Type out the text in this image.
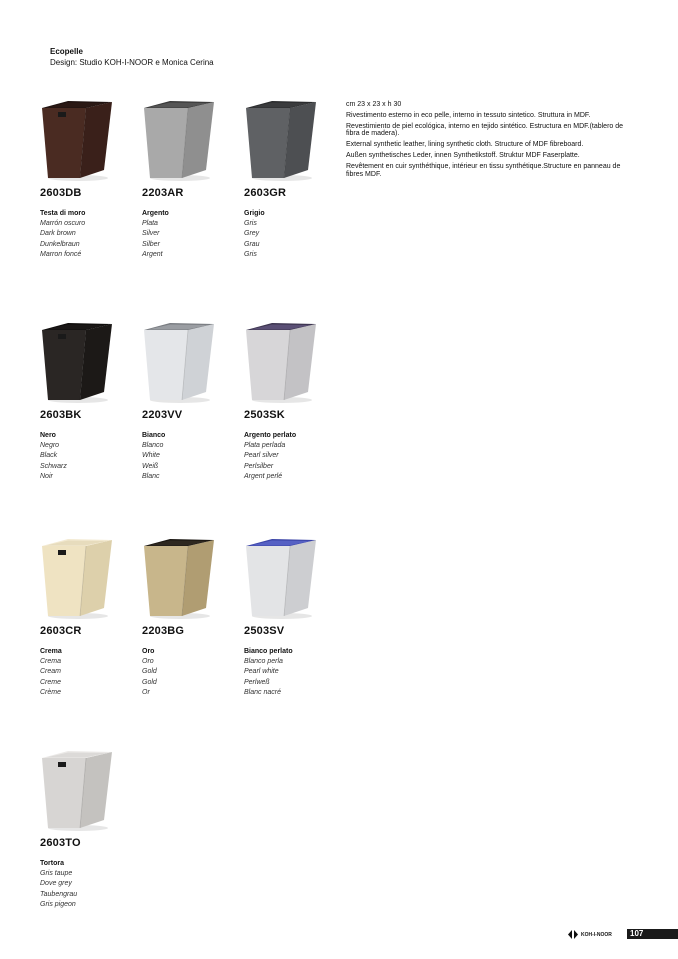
Ecopelle
Design: Studio KOH-I-NOOR e Monica Cerina

cm 23 x 23 x h 30

Rivestimento esterno in eco pelle, interno in tessuto sintetico. Struttura in MDF.

Revestimiento de piel ecológica, interno en tejido sintético. Estructura en MDF.(tablero de fibra de madera).

External synthetic leather, lining synthetic cloth. Structure of MDF fibreboard.

Außen synthetisches Leder, innen Synthetikstoff. Struktur MDF Faserplatte.

Revêtement en cuir synthéthique, intérieur en tissu synthétique.Structure en panneau de fibres MDF.

2603DB
Testa di moro
Marrón oscuro
Dark brown
Dunkelbraun
Marron foncé
2203AR
Argento
Plata
Silver
Silber
Argent
2603GR
Grigio
Gris
Grey
Grau
Gris
2603BK
Nero
Negro
Black
Schwarz
Noir
2203VV
Bianco
Blanco
White
Weiß
Blanc
2503SK
Argento perlato
Plata perlada
Pearl silver
Perlsilber
Argent perlé
2603CR
Crema
Crema
Cream
Creme
Crème
2203BG
Oro
Oro
Gold
Gold
Or
2503SV
Bianco perlato
Blanco perla
Pearl white
Perlweß
Blanc nacré
2603TO
Tortora
Gris taupe
Dove grey
Taubengrau
Gris pigeon
KOH-I-NOOR	107
